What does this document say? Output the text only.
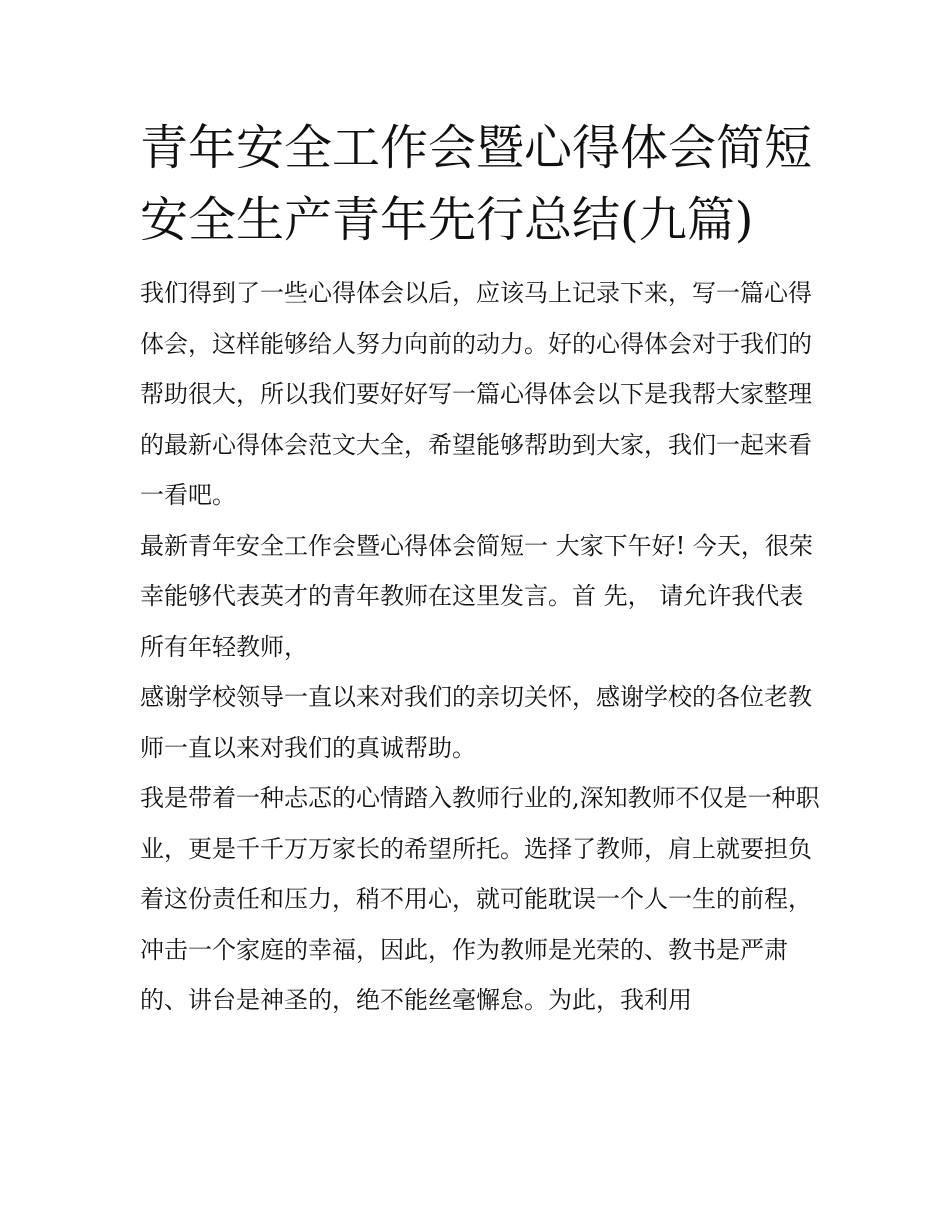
青年安全工作会暨心得体会简短 安全生产青年先行总结(九篇)

我们得到了一些心得体会以后，应该马上记录下来，写一篇心得体会，这样能够给人努力向前的动力。好的心得体会对于我们的帮助很大，所以我们要好好写一篇心得体会以下是我帮大家整理的最新心得体会范文大全，希望能够帮助到大家，我们一起来看一看吧。

最新青年安全工作会暨心得体会简短一 大家下午好! 今天，很荣幸能够代表英才的青年教师在这里发言。首 先， 请允许我代表所有年轻教师，

感谢学校领导一直以来对我们的亲切关怀，感谢学校的各位老教师一直以来对我们的真诚帮助。

我是带着一种忐忑的心情踏入教师行业的,深知教师不仅是一种职业，更是千千万万家长的希望所托。选择了教师，肩上就要担负着这份责任和压力，稍不用心，就可能耽误一个人一生的前程，冲击一个家庭的幸福，因此，作为教师是光荣的、教书是严肃的、讲台是神圣的，绝不能丝毫懈怠。为此，我利用
